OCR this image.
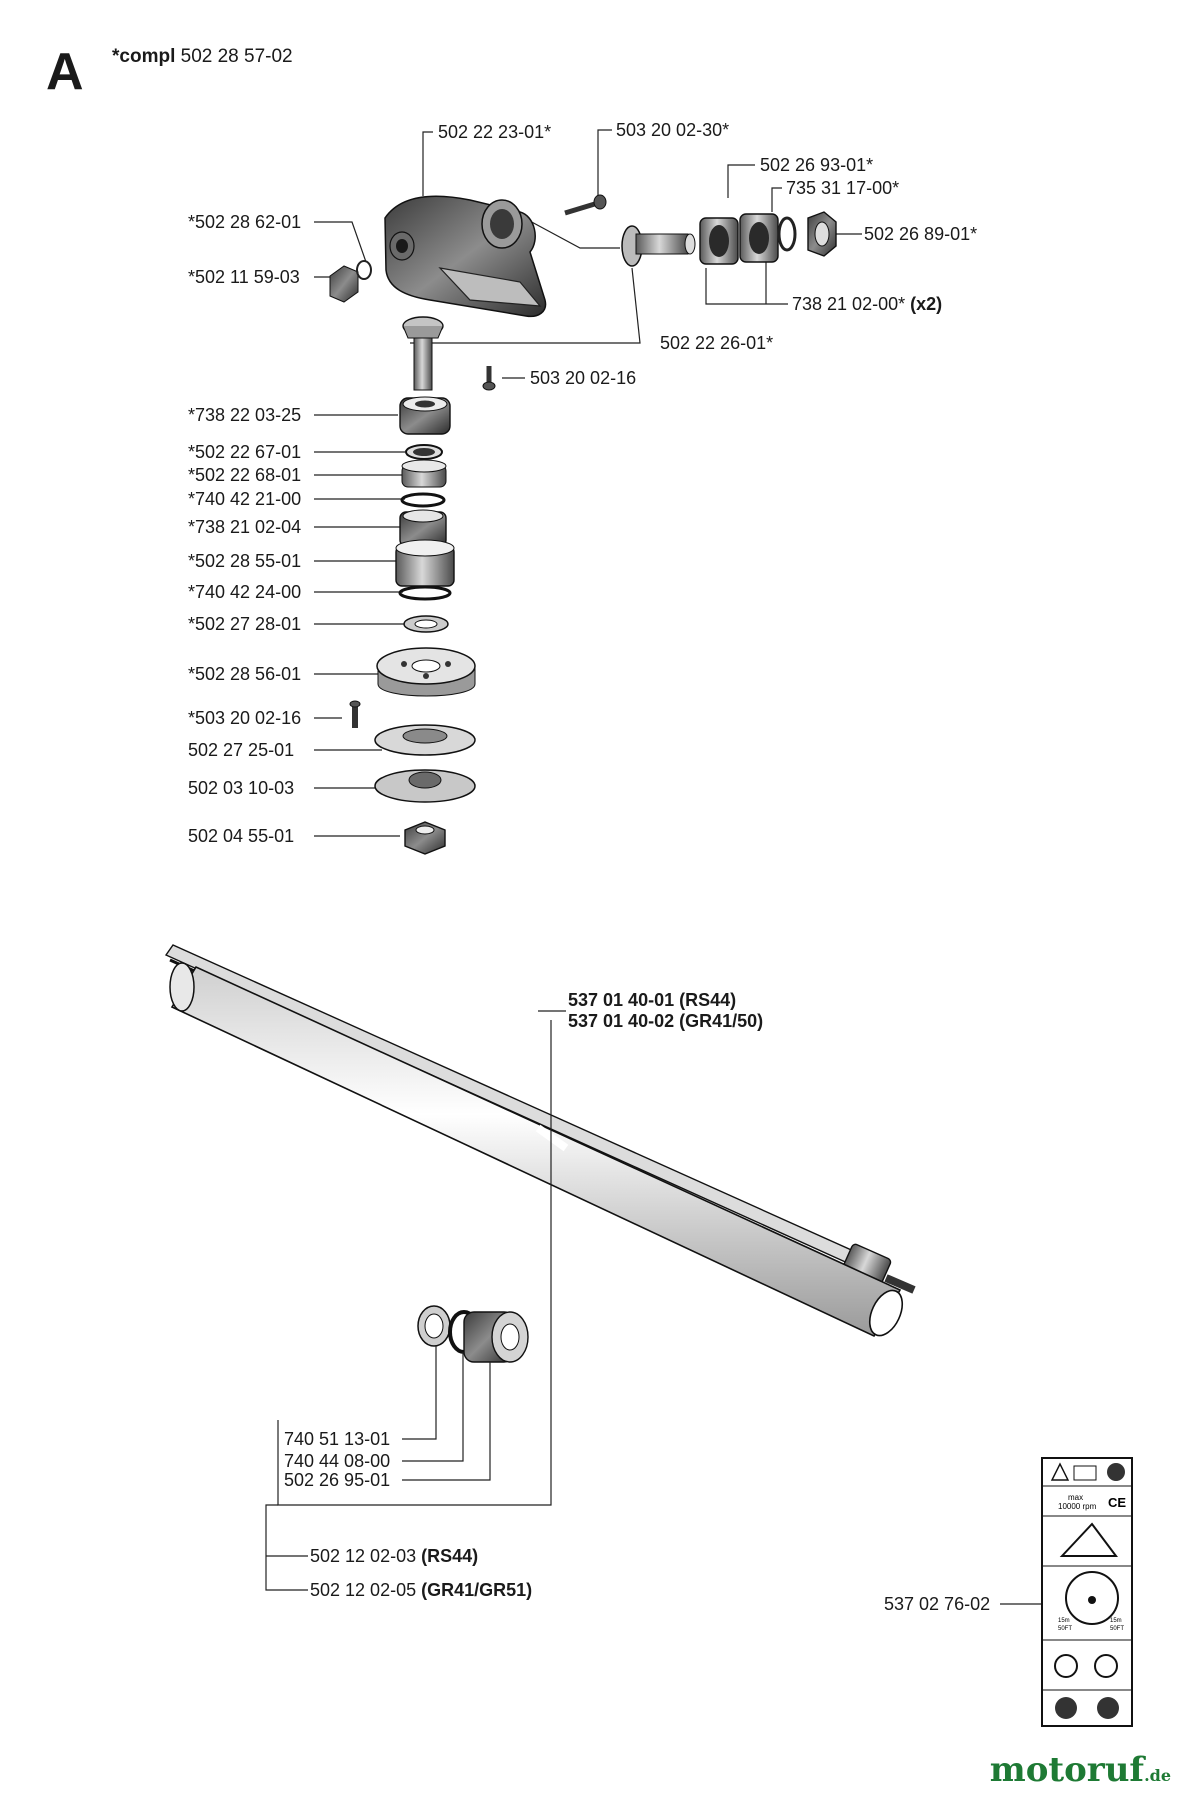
A *compl 502 28 57-02
max
10000 rpm CE
15m
50FT
15m
50FT
*502 28 62-01
*502 11 59-03
*738 22 03-25
*502 22 67-01
*502 22 68-01
*740 42 21-00
*738 21 02-04
*502 28 55-01
*740 42 24-00
*502 27 28-01
*502 28 56-01
*503 20 02-16
502 27 25-01
502 03 10-03
502 04 55-01
502 22 23-01*	503 20 02-30*
502 26 93-01*
735 31 17-00*
502 26 89-01*
738 21 02-00* (x2)
502 22 26-01*
503 20 02-16
537 01 40-01 (RS44)
537 01 40-02 (GR41/50)
740 51 13-01
740 44 08-00
502 26 95-01
502 12 02-03 (RS44)
502 12 02-05 (GR41/GR51)
537 02 76-02
motoruf.de
